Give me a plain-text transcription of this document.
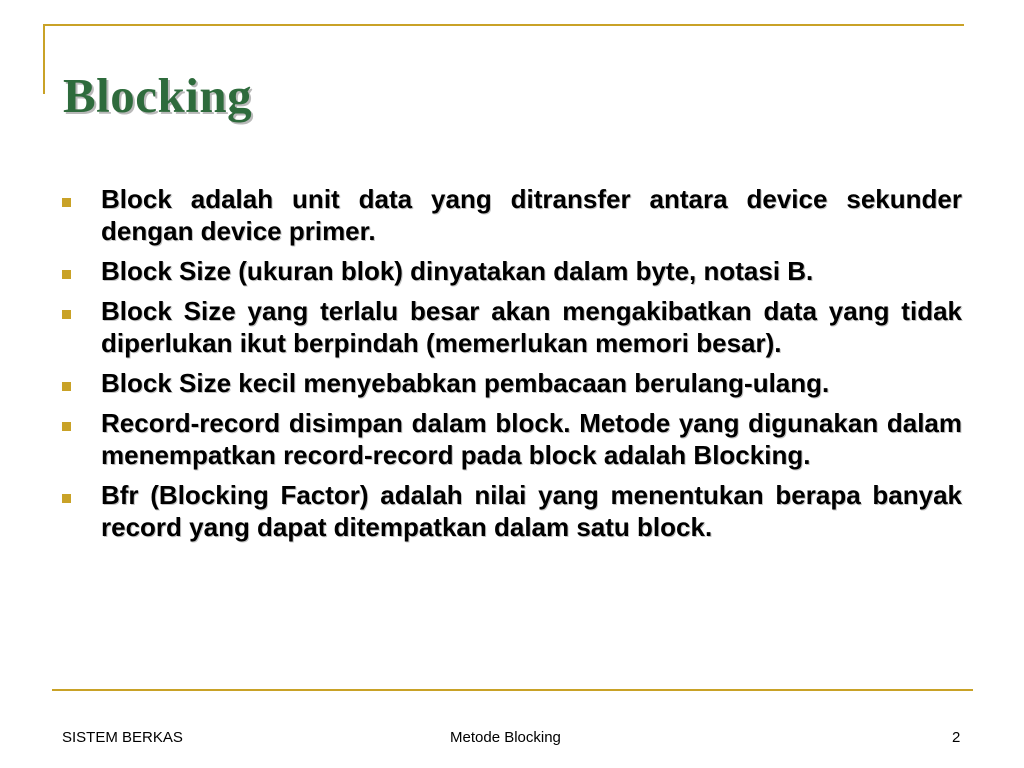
Blocking
Block adalah unit data yang ditransfer antara device sekunder dengan device primer.
Block Size (ukuran blok) dinyatakan dalam byte, notasi B.
Block Size yang terlalu besar akan mengakibatkan data yang tidak diperlukan ikut berpindah (memerlukan memori besar).
Block Size kecil menyebabkan pembacaan berulang-ulang.
Record-record disimpan dalam block. Metode yang digunakan dalam menempatkan record-record pada block adalah Blocking.
Bfr (Blocking Factor) adalah nilai yang menentukan berapa banyak record yang dapat ditempatkan dalam satu block.
SISTEM BERKAS	Metode Blocking	2
